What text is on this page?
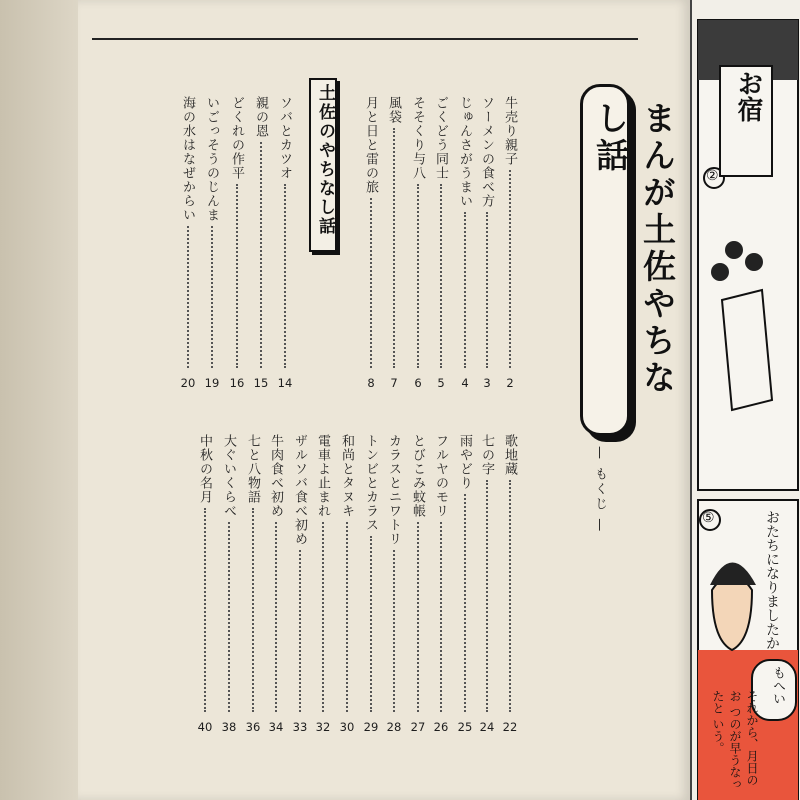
まんが土佐やちなし話
— もくじ —
土佐のやちなし話	牛売り親子
2
ソーメンの食べ方
3
じゅんさがうまい
4
ごくどう同士
5
そそくり与八
6
風袋
7
月と日と雷の旅
8
ソバとカツオ
14
親の恩
15
どくれの作平
16
いごっそうのじんま
19
海の水はなぜからい
20
歌地蔵
22
七の字
24
雨やどり
25
フルヤのモリ
26
とびこみ蚊帳
27
カラスとニワトリ
28
トンビとカラス
29
和尚とタヌキ
30
電車よ止まれ
32
ザルソバ食べ初め
33
牛肉食べ初め
34
七と八物語
36
大ぐいくらべ
38
中秋の名月
40
お宿
②
⑤	おたちになりましたか
もへい
それから、月日のお つのが早うなったと いう。
